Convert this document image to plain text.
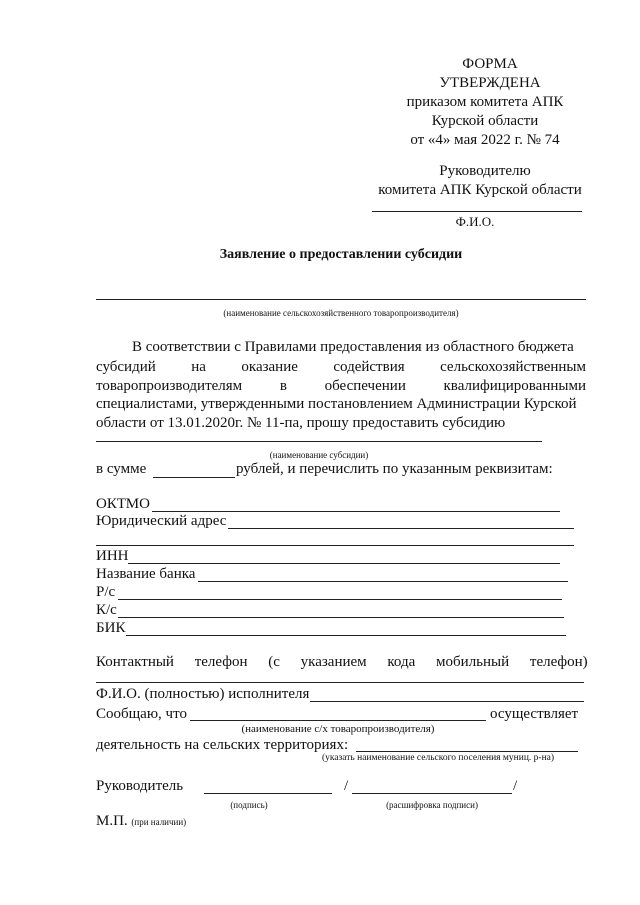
ФОРМА
УТВЕРЖДЕНА
приказом комитета АПК
Курской области
от «4» мая 2022 г. № 74
Руководителю
комитета АПК Курской области
Ф.И.О.
Заявление о предоставлении субсидии
(наименование сельскохозяйственного товаропроизводителя)
В соответствии с Правилами предоставления из областного бюджета
субсидий на оказание содействия сельскохозяйственным
товаропроизводителям в обеспечении квалифицированными
специалистами, утвержденными постановлением Администрации Курской
области от 13.01.2020г. № 11-па, прошу предоставить субсидию
(наименование субсидии)
в сумме	рублей, и перечислить по указанным реквизитам:
ОКТМО
Юридический адрес
ИНН
Название банка
Р/с
К/с
БИК
Контактный телефон (с указанием кода мобильный телефон)
Ф.И.О. (полностью) исполнителя
Сообщаю, что	осуществляет
(наименование с/х товаропроизводителя)
деятельность на сельских территориях:
(указать наименование сельского поселения муниц. р-на)
Руководитель	/	/
(подпись)	(расшифровка подписи)
М.П. (при наличии)
